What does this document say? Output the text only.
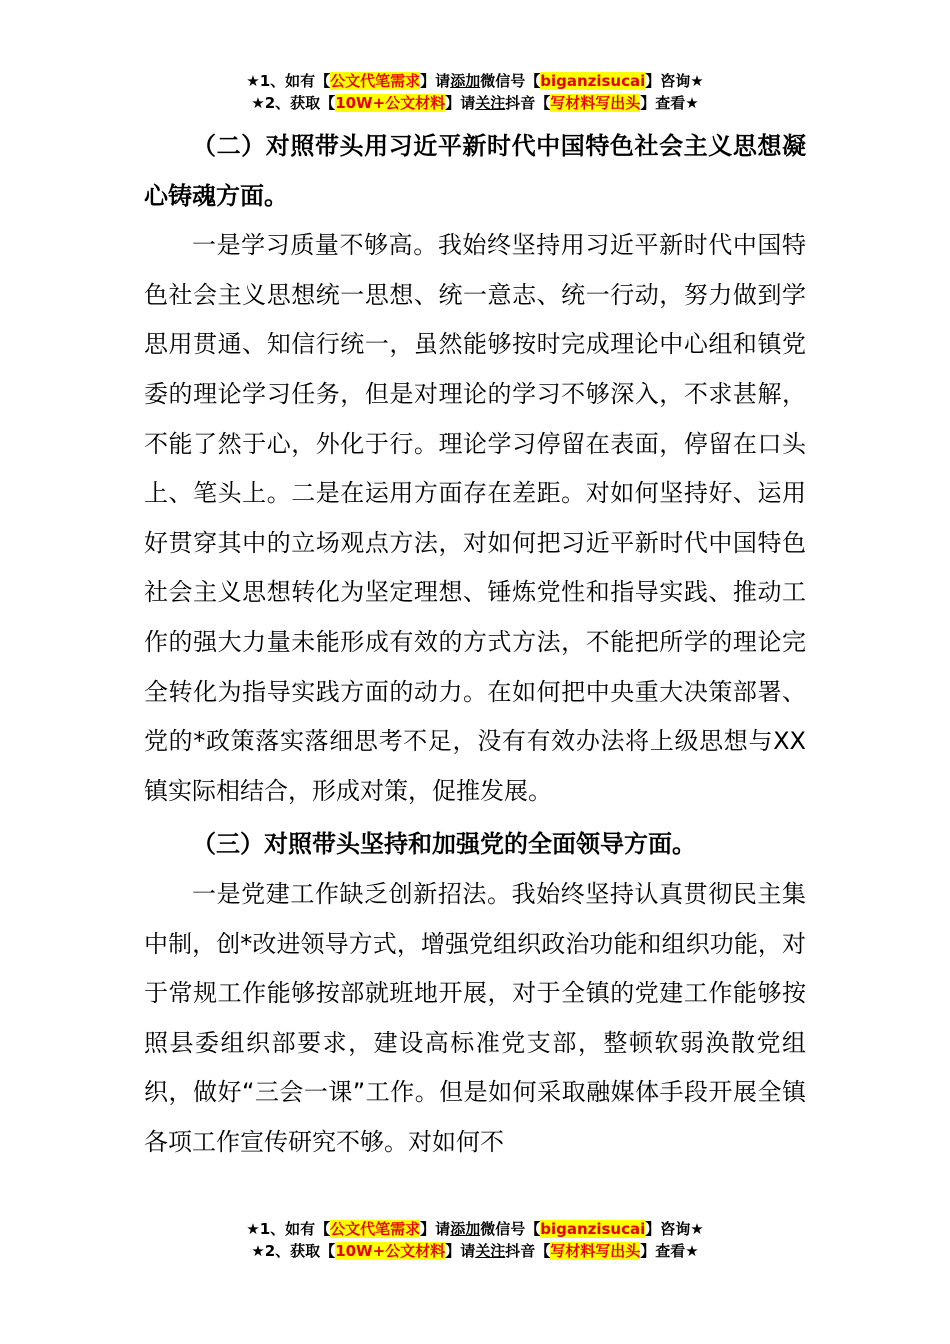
★1、如有【公文代笔需求】请添加微信号【biganzisucai】咨询★
★2、获取【10W+公文材料】请关注抖音【写材料写出头】查看★

（二）对照带头用习近平新时代中国特色社会主义思想凝心铸魂方面。

一是学习质量不够高。我始终坚持用习近平新时代中国特色社会主义思想统一思想、统一意志、统一行动，努力做到学思用贯通、知信行统一，虽然能够按时完成理论中心组和镇党委的理论学习任务，但是对理论的学习不够深入，不求甚解，不能了然于心，外化于行。理论学习停留在表面，停留在口头上、笔头上。二是在运用方面存在差距。对如何坚持好、运用好贯穿其中的立场观点方法，对如何把习近平新时代中国特色社会主义思想转化为坚定理想、锤炼党性和指导实践、推动工作的强大力量未能形成有效的方式方法，不能把所学的理论完全转化为指导实践方面的动力。在如何把中央重大决策部署、党的*政策落实落细思考不足，没有有效办法将上级思想与XX镇实际相结合，形成对策，促推发展。

（三）对照带头坚持和加强党的全面领导方面。

一是党建工作缺乏创新招法。我始终坚持认真贯彻民主集中制，创*改进领导方式，增强党组织政治功能和组织功能，对于常规工作能够按部就班地开展，对于全镇的党建工作能够按照县委组织部要求，建设高标准党支部，整顿软弱涣散党组织，做好“三会一课”工作。但是如何采取融媒体手段开展全镇各项工作宣传研究不够。对如何不

★1、如有【公文代笔需求】请添加微信号【biganzisucai】咨询★
★2、获取【10W+公文材料】请关注抖音【写材料写出头】查看★
